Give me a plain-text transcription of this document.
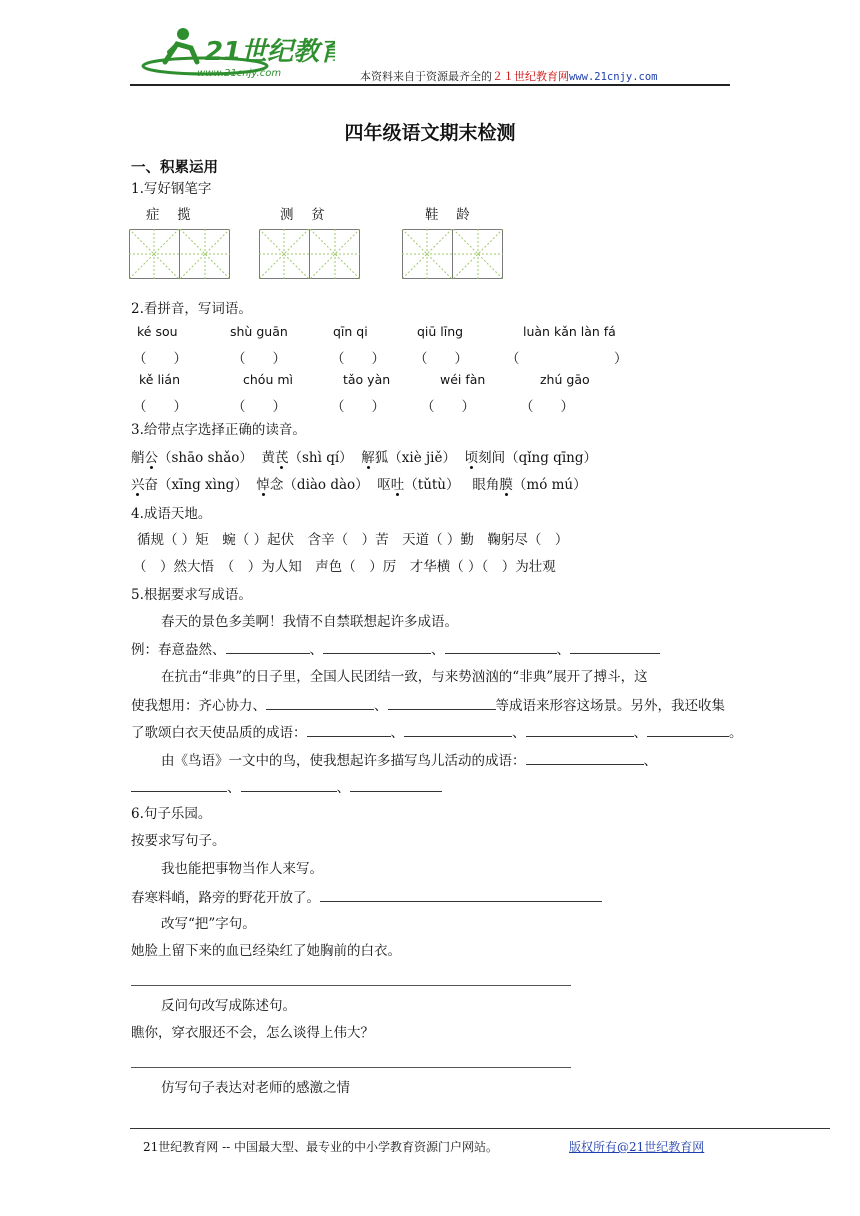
21世纪教育
www.21cnjy.com	本资料来自于资源最齐全的２１世纪教育网www.21cnjy.com
四年级语文期末检测
一、积累运用
1.写好钢笔字
症　 揽	测　 贫	鞋　 龄
2.看拼音，写词语。
ké sou	shù guān	qīn qi	qiū līng	luàn kǎn làn fá
（　　）	（　　）	（　　） （　　）	（　　　　　　　）
kě lián	chóu mì	tǎo yàn	wéi fàn	zhú gāo
（　　）	（　　）	（　　）	（　　）	（　　）
3.给带点字选择正确的读音。
艄公（shāo shǎo） 黄芪（shì qí） 解狐（xiè jiě） 顷刻间（qǐng qīng）
兴奋（xīng xìng） 悼念（diào dào） 呕吐（tǔtù） 眼角膜（mó mú）
4.成语天地。
循规（ ）矩　蜿（ ）起伏　含辛（　）苦　天道（ ）勤　鞠躬尽（　）
（　）然大悟　（　）为人知　声色（　）厉　才华横（ ）（　）为壮观
5.根据要求写成语。
春天的景色多美啊！我情不自禁联想起许多成语。
例：春意盎然、	、	、	、
在抗击“非典”的日子里，全国人民团结一致，与来势汹汹的“非典”展开了搏斗，这
使我想用：齐心协力、	、	等成语来形容这场景。另外，我还收集
了歌颂白衣天使品质的成语：	、	、	、	。
由《鸟语》一文中的鸟，使我想起许多描写鸟儿活动的成语：	、
、	、
6.句子乐园。
按要求写句子。
我也能把事物当作人来写。
春寒料峭，路旁的野花开放了。
改写“把”字句。
她脸上留下来的血已经染红了她胸前的白衣。
反问句改写成陈述句。
瞧你，穿衣服还不会，怎么谈得上伟大？
仿写句子表达对老师的感激之情
21世纪教育网 -- 中国最大型、最专业的中小学教育资源门户网站。	版权所有@21世纪教育网
